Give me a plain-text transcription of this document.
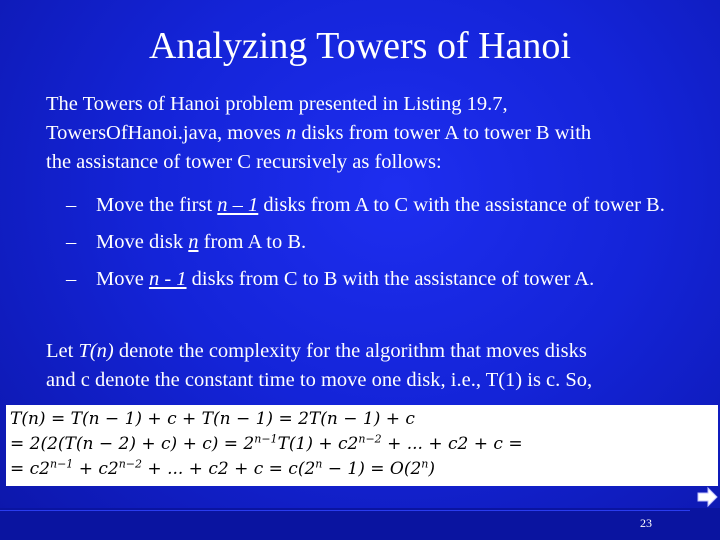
Analyzing Towers of Hanoi
The Towers of Hanoi problem presented in Listing 19.7,
TowersOfHanoi.java, moves n disks from tower A to tower B with
the assistance of tower C recursively as follows:
– Move the first n – 1 disks from A to C with the assistance of tower B.
– Move disk n from A to B.
– Move n - 1 disks from C to B with the assistance of tower A.
Let T(n) denote the complexity for the algorithm that moves disks
and c denote the constant time to move one disk, i.e., T(1) is c. So,
T(n) = T(n − 1) + c + T(n − 1) = 2T(n − 1) + c
= $2(2(T(n - 2) + c) + c) = 2^{n-1}T(1) + c2^{n-2}$ + ... + c2 + c =
= $c2^{n-1} + c2^{n-2}$ + ... + $c2 + c = c(2^n - 1) = O(2^n)$
23
